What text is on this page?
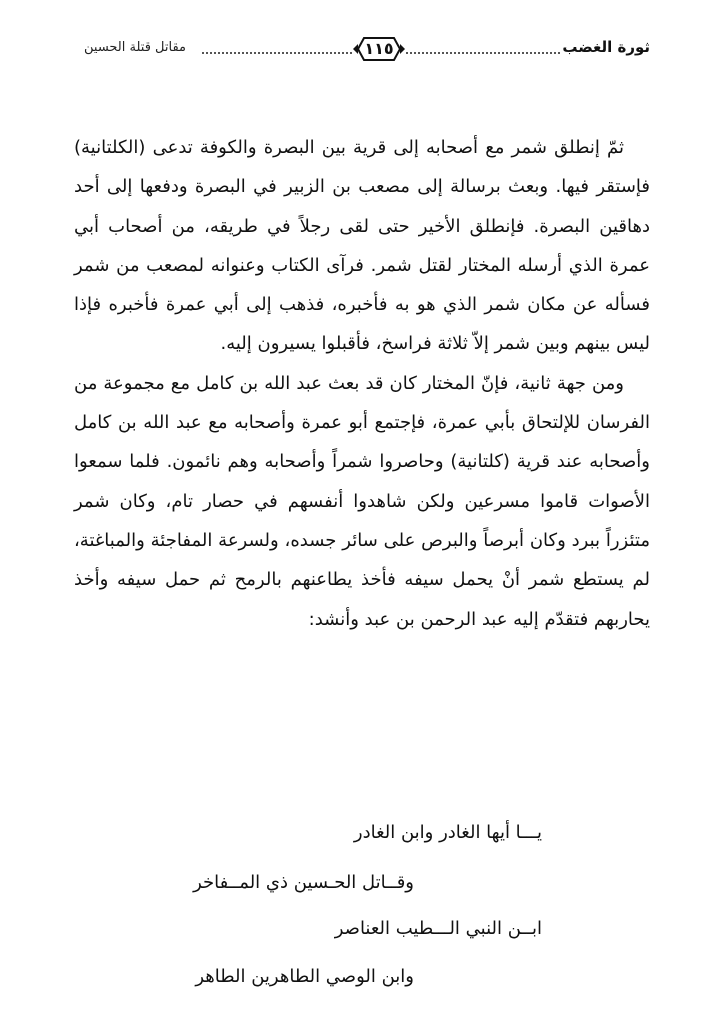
مقاتل قتلة الحسين	١١٥	ثورة الغضب

ثمّ إنطلق شمر مع أصحابه إلى قرية بين البصرة والكوفة تدعى (الكلتانية) فإستقر فيها. وبعث برسالة إلى مصعب بن الزبير في البصرة ودفعها إلى أحد دهاقين البصرة. فإنطلق الأخير حتى لقى رجلاً في طريقه، من أصحاب أبي عمرة الذي أرسله المختار لقتل شمر. فرآى الكتاب وعنوانه لمصعب من شمر فسأله عن مكان شمر الذي هو به فأخبره، فذهب إلى أبي عمرة فأخبره فإذا ليس بينهم وبين شمر إلاّ ثلاثة فراسخ، فأقبلوا يسيرون إليه.

ومن جهة ثانية، فإنّ المختار كان قد بعث عبد الله بن كامل مع مجموعة من الفرسان للإلتحاق بأبي عمرة، فإجتمع أبو عمرة وأصحابه مع عبد الله بن كامل وأصحابه عند قرية (كلتانية) وحاصروا شمراً وأصحابه وهم نائمون. فلما سمعوا الأصوات قاموا مسرعين ولكن شاهدوا أنفسهم في حصار تام، وكان شمر متئزراً ببرد وكان أبرصاً والبرص على سائر جسده، ولسرعة المفاجئة والمباغتة، لم يستطع شمر أنْ يحمل سيفه فأخذ يطاعنهم بالرمح ثم حمل سيفه وأخذ يحاربهم فتقدّم إليه عبد الرحمن بن عبد وأنشد:

يـــا أيها الغادر وابن الغادر
وقــاتل الحـسين ذي المــفاخر
ابــن النبي الـــطيب العناصر
وابن الوصي الطاهرين الطاهر
